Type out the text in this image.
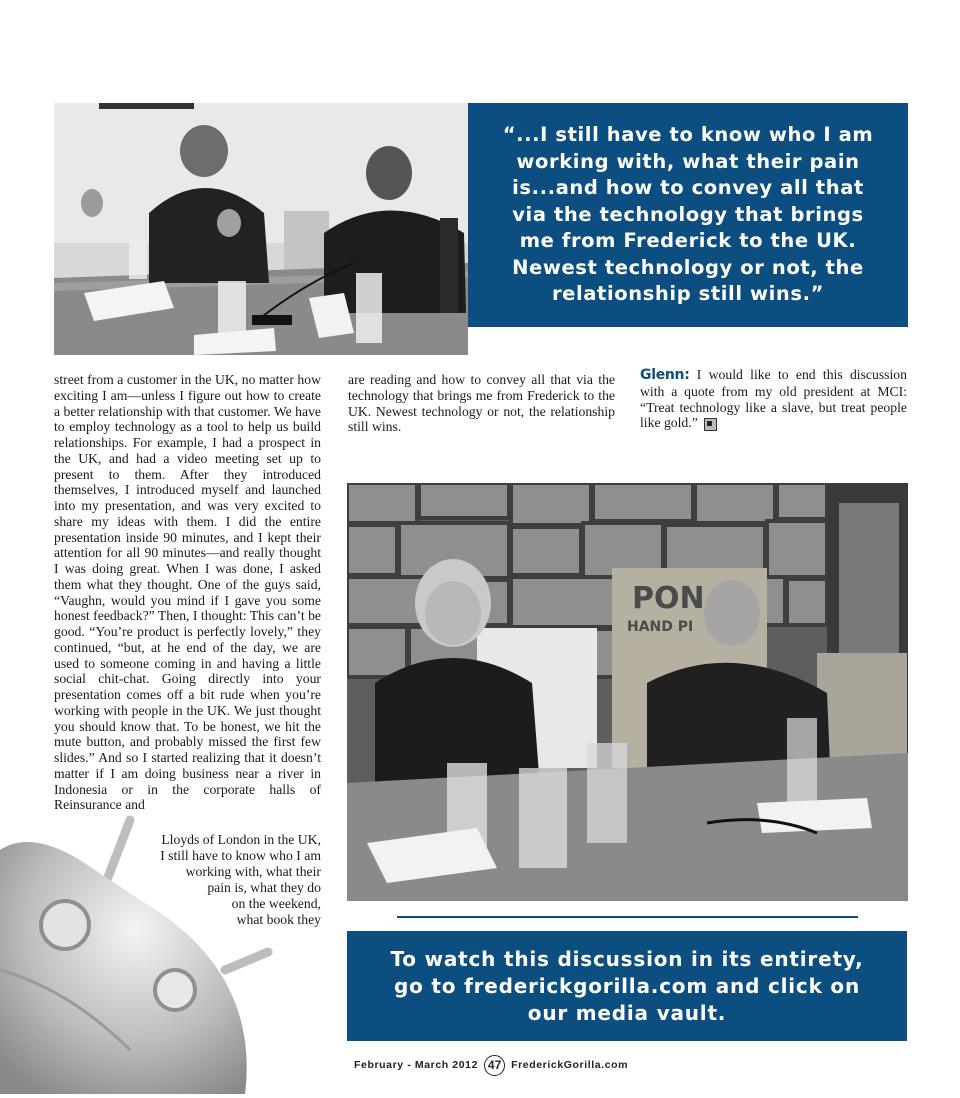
“...I still have to know who I am working with, what their pain is...and how to convey all that via the technology that brings me from Frederick to the UK. Newest technology or not, the relationship still wins.”

street from a customer in the UK, no matter how exciting I am—unless I figure out how to create a better relationship with that customer. We have to employ technology as a tool to help us build relationships. For example, I had a prospect in the UK, and had a video meeting set up to present to them. After they introduced themselves, I introduced myself and launched into my presentation, and was very excited to share my ideas with them. I did the entire presentation inside 90 minutes, and I kept their attention for all 90 minutes—and really thought I was doing great. When I was done, I asked them what they thought. One of the guys said, “Vaughn, would you mind if I gave you some honest feedback?” Then, I thought: This can’t be good. “You’re product is perfectly lovely,” they continued, “but, at he end of the day, we are used to someone coming in and having a little social chit-chat. Going directly into your presentation comes off a bit rude when you’re working with people in the UK. We just thought you should know that. To be honest, we hit the mute button, and probably missed the first few slides.” And so I started realizing that it doesn’t matter if I am doing business near a river in Indonesia or in the corporate halls of Reinsurance and

Lloyds of London in the UK,
I still have to know who I am
working with, what their
pain is, what they do
on the weekend,
what book they

are reading and how to convey all that via the technology that brings me from Frederick to the UK. Newest technology or not, the relationship still wins.

Glenn: I would like to end this discussion with a quote from my old president at MCI: “Treat technology like a slave, but treat people like gold.”

PON
HAND PI
To watch this discussion in its entirety, go to frederickgorilla.com and click on our media vault.
February - March 2012 47 FrederickGorilla.com
